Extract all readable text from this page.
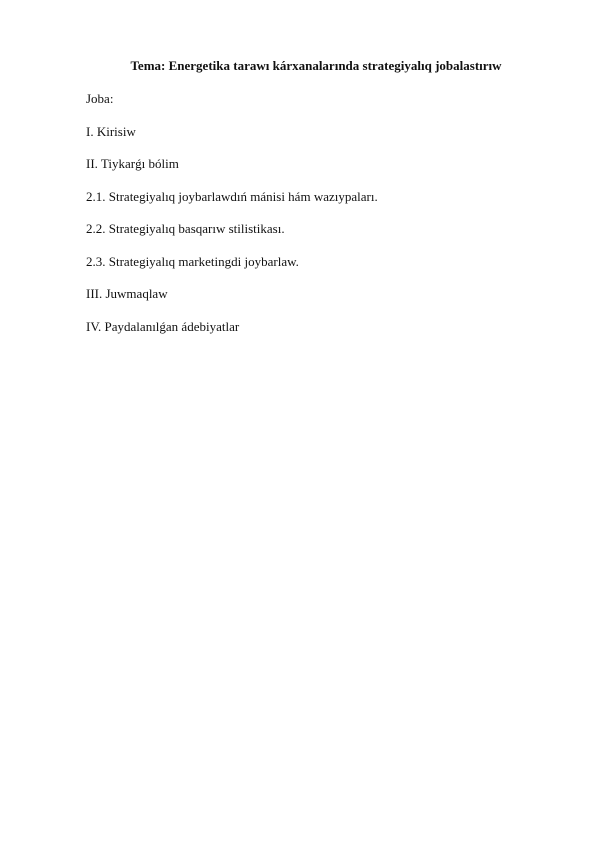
Tema: Energetika tarawı kárxanalarında strategiyalıq jobalastırıw
Joba:
I. Kirisiw
II. Tiykarǵı bólim
2.1. Strategiyalıq joybarlawdıń mánisi hám wazıypaları.
2.2. Strategiyalıq basqarıw stilistikası.
2.3. Strategiyalıq marketingdi joybarlaw.
III. Juwmaqlaw
IV. Paydalanılǵan ádebiyatlar
